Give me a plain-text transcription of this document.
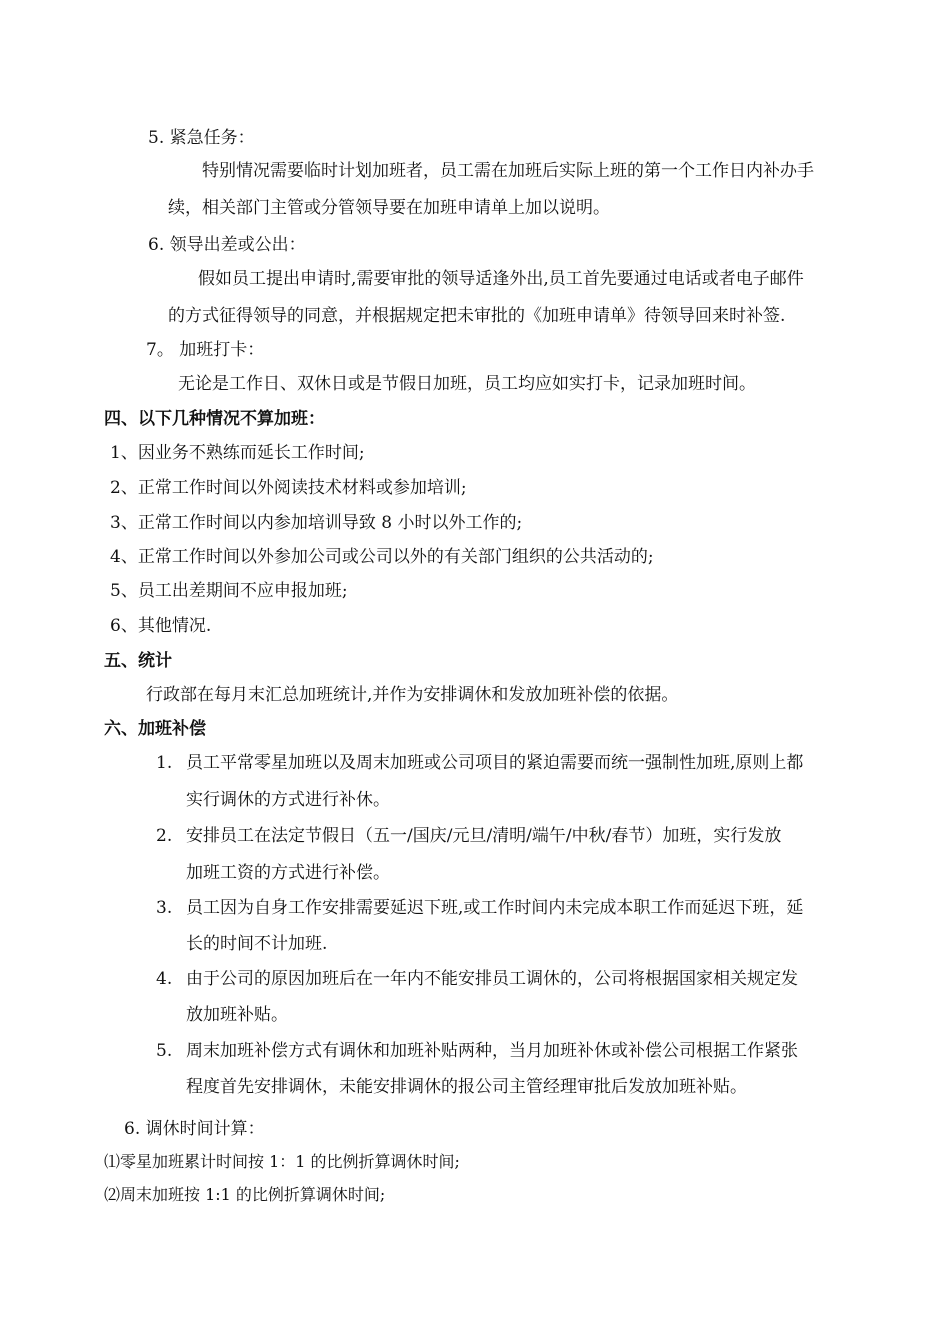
5. 紧急任务：

特别情况需要临时计划加班者，员工需在加班后实际上班的第一个工作日内补办手

续，相关部门主管或分管领导要在加班申请单上加以说明。

6. 领导出差或公出：

假如员工提出申请时,需要审批的领导适逢外出,员工首先要通过电话或者电子邮件

的方式征得领导的同意，并根据规定把未审批的《加班申请单》待领导回来时补签.

7。 加班打卡：

无论是工作日、双休日或是节假日加班，员工均应如实打卡，记录加班时间。

四、以下几种情况不算加班：

1、因业务不熟练而延长工作时间;

2、正常工作时间以外阅读技术材料或参加培训;

3、正常工作时间以内参加培训导致 8 小时以外工作的;

4、正常工作时间以外参加公司或公司以外的有关部门组织的公共活动的;

5、员工出差期间不应申报加班;

6、其他情况.

五、统计

行政部在每月末汇总加班统计,并作为安排调休和发放加班补偿的依据。

六、加班补偿

1. 员工平常零星加班以及周末加班或公司项目的紧迫需要而统一强制性加班,原则上都

实行调休的方式进行补休。

2. 安排员工在法定节假日（五一/国庆/元旦/清明/端午/中秋/春节）加班，实行发放

加班工资的方式进行补偿。

3. 员工因为自身工作安排需要延迟下班,或工作时间内未完成本职工作而延迟下班，延

长的时间不计加班.

4. 由于公司的原因加班后在一年内不能安排员工调休的，公司将根据国家相关规定发

放加班补贴。

5. 周末加班补偿方式有调休和加班补贴两种，当月加班补休或补偿公司根据工作紧张

程度首先安排调休，未能安排调休的报公司主管经理审批后发放加班补贴。

6. 调休时间计算：

⑴零星加班累计时间按 1：1 的比例折算调休时间;

⑵周末加班按 1:1 的比例折算调休时间;
